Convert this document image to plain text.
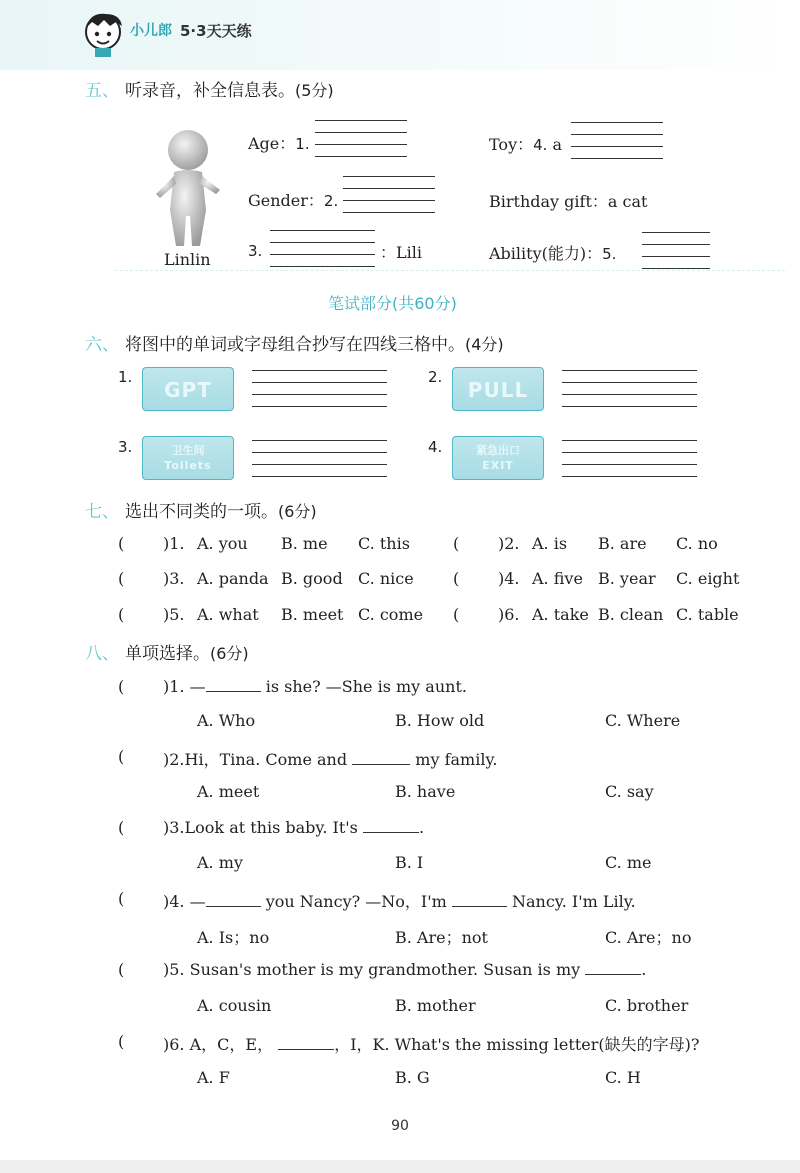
小儿郎 5·3天天练
五、 听录音，补全信息表。(5分)
Linlin
Age：1.
Gender：2.
3.	：Lili
Toy：4. a
Birthday gift：a cat
Ability(能力)：5.
笔试部分(共60分)
六、 将图中的单词或字母组合抄写在四线三格中。(4分)
1.
GPT
2.
PULL
3.	卫生间
Toilets
4.	紧急出口
EXIT
七、 选出不同类的一项。(6分)
( )1. A. you B. me C. this	( )2. A. is B. are C. no
( )3. A. panda B. good C. nice ( )4. A. five B. year C. eight
( )5. A. what B. meet C. come ( )6. A. take B. clean C. table
八、 单项选择。(6分)
( )1. —	is she? —She is my aunt.
A. Who	B. How old	C. Where
( )2.Hi，Tina. Come and	my family.
A. meet	B. have	C. say
( )3.Look at this baby. It's	.
A. my	B. I	C. me
( )4. —	you Nancy? —No，I'm	Nancy. I'm Lily.
A. Is；no	B. Are；not	C. Are；no
( )5. Susan's mother is my grandmother. Susan is my	.
A. cousin	B. mother	C. brother
( )6. A，C，E，	，I，K. What's the missing letter(缺失的字母)?
A. F	B. G	C. H
90
